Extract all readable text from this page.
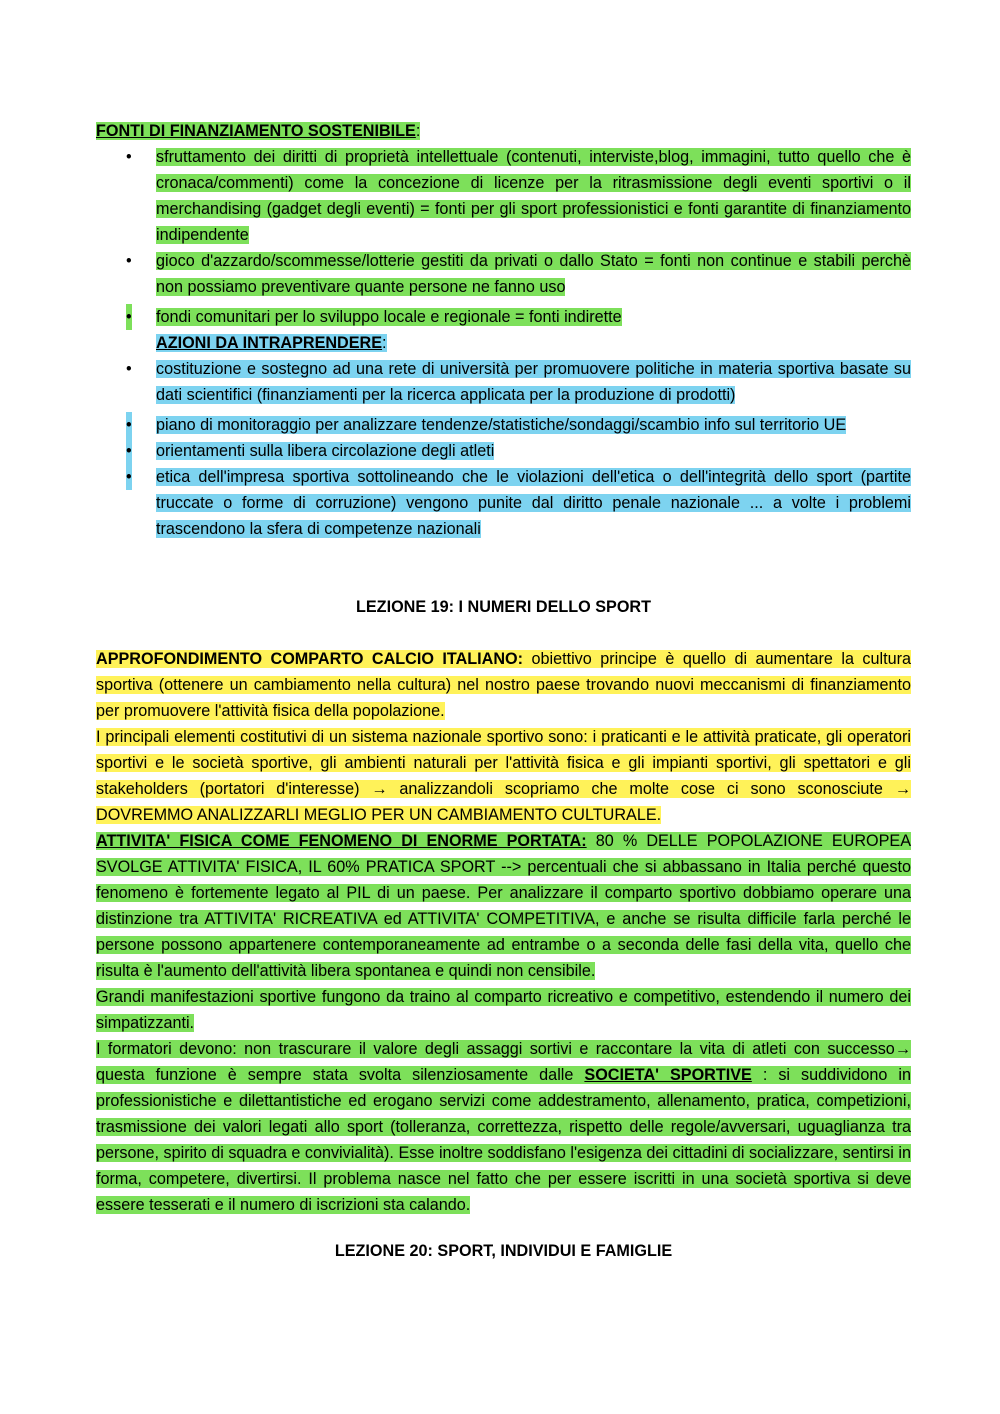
FONTI DI FINANZIAMENTO SOSTENIBILE:

• sfruttamento dei diritti di proprietà intellettuale (contenuti, interviste,blog, immagini, tutto quello che è cronaca/commenti) come la concezione di licenze per la ritrasmissione degli eventi sportivi o il merchandising (gadget degli eventi) = fonti per gli sport professionistici e fonti garantite di finanziamento indipendente
• gioco d'azzardo/scommesse/lotterie gestiti da privati o dallo Stato = fonti non continue e stabili perchè non possiamo preventivare quante persone ne fanno uso
• fondi comunitari per lo sviluppo locale e regionale = fonti indirette

AZIONI DA INTRAPRENDERE:

• costituzione e sostegno ad una rete di università per promuovere politiche in materia sportiva basate su dati scientifici (finanziamenti per la ricerca applicata per la produzione di prodotti)
• piano di monitoraggio per analizzare tendenze/statistiche/sondaggi/scambio info sul territorio UE
• orientamenti sulla libera circolazione degli atleti
• etica dell'impresa sportiva sottolineando che le violazioni dell'etica o dell'integrità dello sport (partite truccate o forme di corruzione) vengono punite dal diritto penale nazionale ... a volte i problemi trascendono la sfera di competenze nazionali

LEZIONE 19: I NUMERI DELLO SPORT

APPROFONDIMENTO COMPARTO CALCIO ITALIANO: obiettivo principe è quello di aumentare la cultura sportiva (ottenere un cambiamento nella cultura) nel nostro paese trovando nuovi meccanismi di finanziamento per promuovere l'attività fisica della popolazione.

I principali elementi costitutivi di un sistema nazionale sportivo sono: i praticanti e le attività praticate, gli operatori sportivi e le società sportive, gli ambienti naturali per l'attività fisica e gli impianti sportivi, gli spettatori e gli stakeholders (portatori d'interesse) → analizzandoli scopriamo che molte cose ci sono sconosciute → DOVREMMO ANALIZZARLI MEGLIO PER UN CAMBIAMENTO CULTURALE.

ATTIVITA' FISICA COME FENOMENO DI ENORME PORTATA: 80 % DELLE POPOLAZIONE EUROPEA SVOLGE ATTIVITA' FISICA, IL 60% PRATICA SPORT --> percentuali che si abbassano in Italia perché questo fenomeno è fortemente legato al PIL di un paese. Per analizzare il comparto sportivo dobbiamo operare una distinzione tra ATTIVITA' RICREATIVA ed ATTIVITA' COMPETITIVA, e anche se risulta difficile farla perché le persone possono appartenere contemporaneamente ad entrambe o a seconda delle fasi della vita, quello che risulta è l'aumento dell'attività libera spontanea e quindi non censibile.

Grandi manifestazioni sportive fungono da traino al comparto ricreativo e competitivo, estendendo il numero dei simpatizzanti.

I formatori devono: non trascurare il valore degli assaggi sortivi e raccontare la vita di atleti con successo→ questa funzione è sempre stata svolta silenziosamente dalle SOCIETA' SPORTIVE : si suddividono in professionistiche e dilettantistiche ed erogano servizi come addestramento, allenamento, pratica, competizioni, trasmissione dei valori legati allo sport (tolleranza, correttezza, rispetto delle regole/avversari, uguaglianza tra persone, spirito di squadra e convivialità). Esse inoltre soddisfano l'esigenza dei cittadini di socializzare, sentirsi in forma, competere, divertirsi. Il problema nasce nel fatto che per essere iscritti in una società sportiva si deve essere tesserati e il numero di iscrizioni sta calando.

LEZIONE 20: SPORT, INDIVIDUI E FAMIGLIE
